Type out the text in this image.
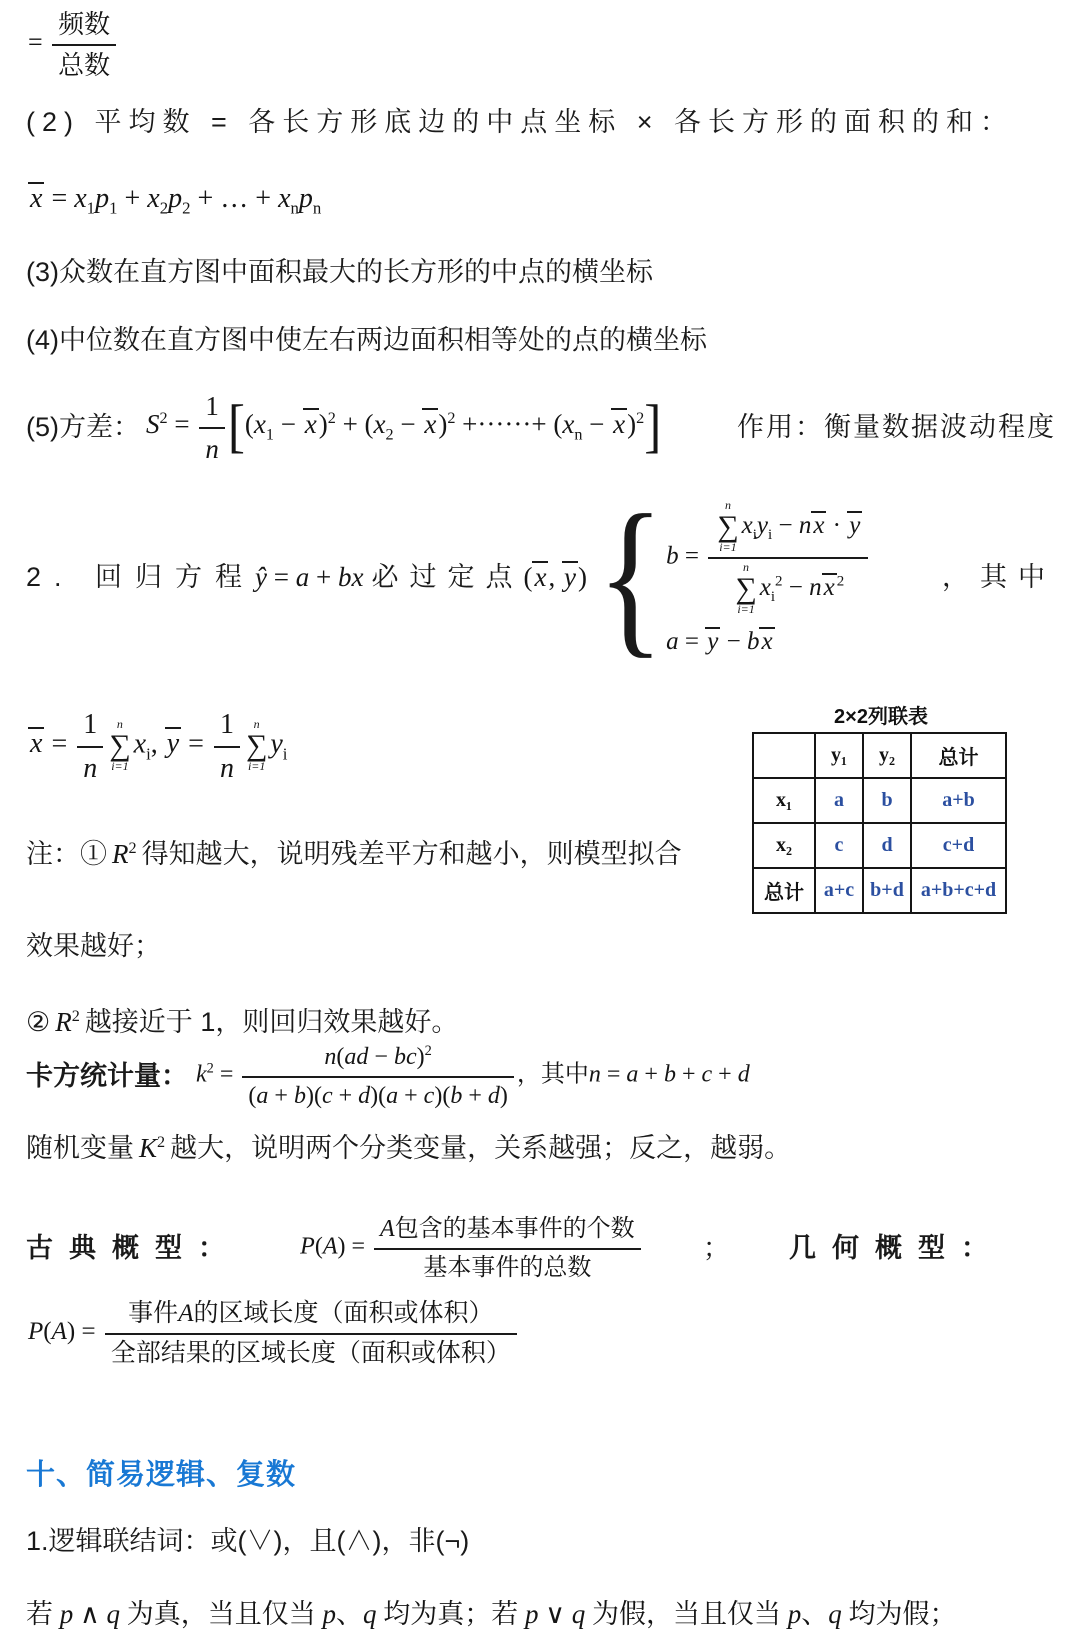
= $\frac{\text{频数}}{\text{总数}}$
(2) 平均数 = 各长方形底边的中点坐标 × 各长方形的面积的和：
$x = x_1p_1 + x_2p_2$ + … + $x_np_n$
(3)众数在直方图中面积最大的长方形的中点的横坐标
(4)中位数在直方图中使左右两边面积相等处的点的横坐标
(5)方差： $S^2 = \frac{1}{n} [(x_1 - x)^2 + (x_2 - x)^2$ +······+ $(x_n - x)^2$]	作用：衡量数据波动程度
2. 回归方程 ŷ = a + bx 必过定点 (x, y) { b = n
∑
i=1
$x_iy_i$ − nx · y
n
∑
i=1
$x_i^2$ − nx $^2$
a = y − bx
，其中
$x = \frac{1}{n}$	n
∑
i=1
$x_i$, $y = \frac{1}{n}$	n
∑
i=1
$y_i$
2×2列联表
	y₁	y₂	总计
x₁	a	b	a+b
x₂	c	d	c+d
总计	a+c	b+d	a+b+c+d
注：① $R^2$ 得知越大，说明残差平方和越小，则模型拟合
效果越好；
② $R^2$ 越接近于 1，则回归效果越好。
卡方统计量： $k^2 = \frac{n(ad - bc)^2}{(a + b)(c + d)(a + c)(b + d)}$ ，其中n = a + b + c + d
随机变量 $K^2$ 越大，说明两个分类变量，关系越强；反之，越弱。
古典概型： $P(A) = \frac{\text{A包含的基本事件的个数}}{\text{基本事件的总数}}$ ； 几何概型：
$P(A) = \frac{\text{事件A的区域长度（面积或体积）}}{\text{全部结果的区域长度（面积或体积）}}$
十、简易逻辑、复数
1.逻辑联结词：或(∨)，且(∧)，非(¬)
若 p ∧ q 为真，当且仅当 p、q 均为真；若 p ∨ q 为假，当且仅当 p、q 均为假；
